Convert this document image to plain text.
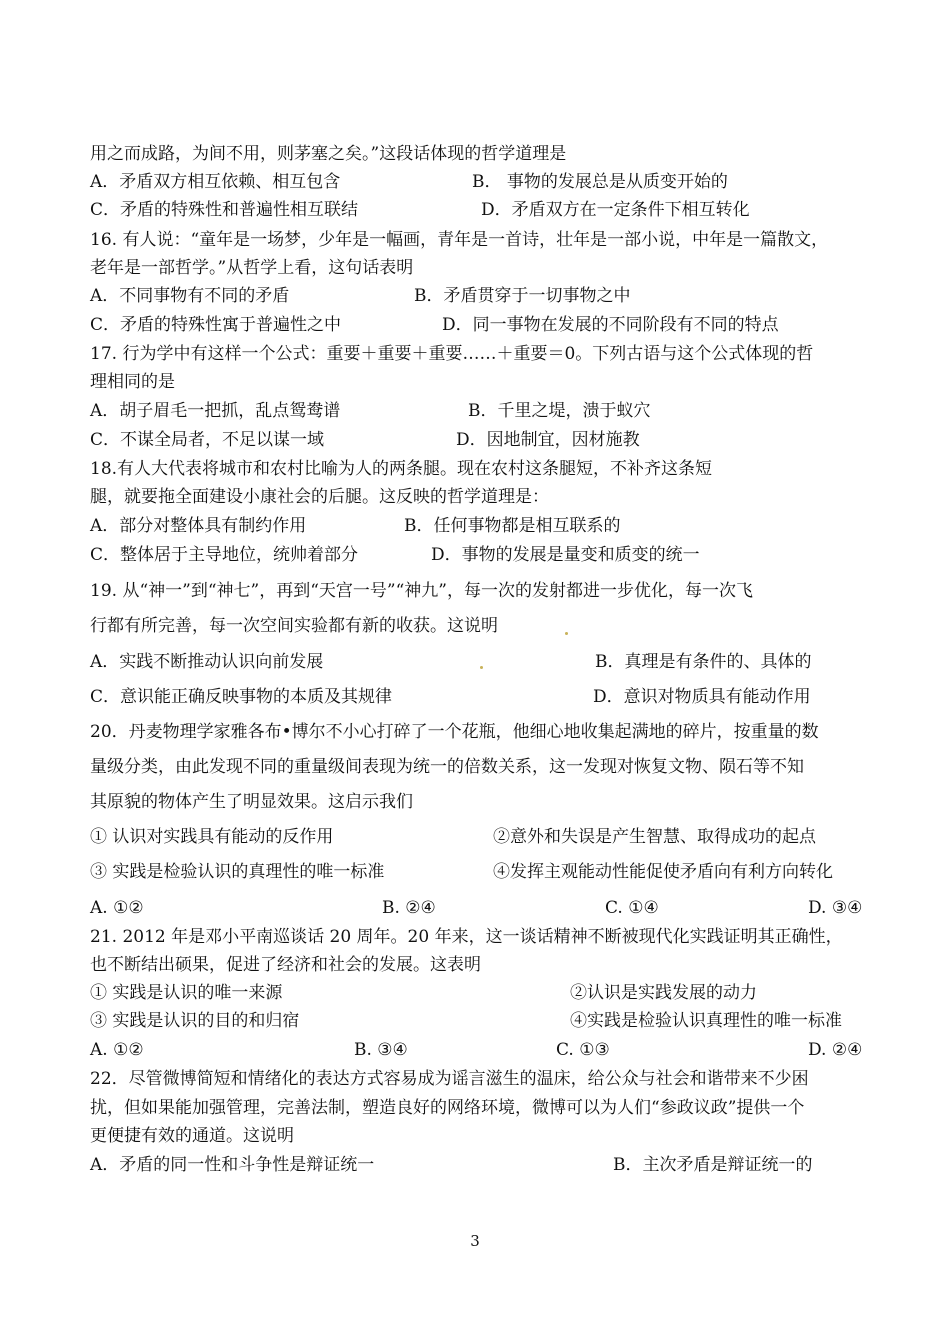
用之而成路，为间不用，则茅塞之矣。”这段话体现的哲学道理是
A．矛盾双方相互依赖、相互包含	B． 事物的发展总是从质变开始的
C．矛盾的特殊性和普遍性相互联结	D．矛盾双方在一定条件下相互转化
16. 有人说：“童年是一场梦，少年是一幅画，青年是一首诗，壮年是一部小说，中年是一篇散文，
老年是一部哲学。”从哲学上看，这句话表明
A．不同事物有不同的矛盾	B．矛盾贯穿于一切事物之中
C．矛盾的特殊性寓于普遍性之中	D．同一事物在发展的不同阶段有不同的特点
17. 行为学中有这样一个公式：重要＋重要＋重要……＋重要＝0。下列古语与这个公式体现的哲
理相同的是
A．胡子眉毛一把抓，乱点鸳鸯谱	B．千里之堤，溃于蚁穴
C．不谋全局者，不足以谋一域	D．因地制宜，因材施教
18.有人大代表将城市和农村比喻为人的两条腿。现在农村这条腿短，不补齐这条短
腿，就要拖全面建设小康社会的后腿。这反映的哲学道理是：
A．部分对整体具有制约作用	B．任何事物都是相互联系的
C．整体居于主导地位，统帅着部分	D．事物的发展是量变和质变的统一
19. 从“神一”到“神七”，再到“天宫一号”“神九”，每一次的发射都进一步优化，每一次飞
行都有所完善，每一次空间实验都有新的收获。这说明
A．实践不断推动认识向前发展	B．真理是有条件的、具体的
C．意识能正确反映事物的本质及其规律	D．意识对物质具有能动作用
20．丹麦物理学家雅各布•博尔不小心打碎了一个花瓶，他细心地收集起满地的碎片，按重量的数
量级分类，由此发现不同的重量级间表现为统一的倍数关系，这一发现对恢复文物、陨石等不知
其原貌的物体产生了明显效果。这启示我们
① 认识对实践具有能动的反作用	②意外和失误是产生智慧、取得成功的起点
③ 实践是检验认识的真理性的唯一标准	④发挥主观能动性能促使矛盾向有利方向转化
A. ①②	B. ②④	C. ①④	D. ③④
21. 2012 年是邓小平南巡谈话 20 周年。20 年来，这一谈话精神不断被现代化实践证明其正确性，
也不断结出硕果，促进了经济和社会的发展。这表明
① 实践是认识的唯一来源	②认识是实践发展的动力
③ 实践是认识的目的和归宿	④实践是检验认识真理性的唯一标准
A. ①②	B. ③④	C. ①③	D. ②④
22．尽管微博简短和情绪化的表达方式容易成为谣言滋生的温床，给公众与社会和谐带来不少困
扰，但如果能加强管理，完善法制，塑造良好的网络环境，微博可以为人们“参政议政”提供一个
更便捷有效的通道。这说明
A．矛盾的同一性和斗争性是辩证统一	B．主次矛盾是辩证统一的
3
